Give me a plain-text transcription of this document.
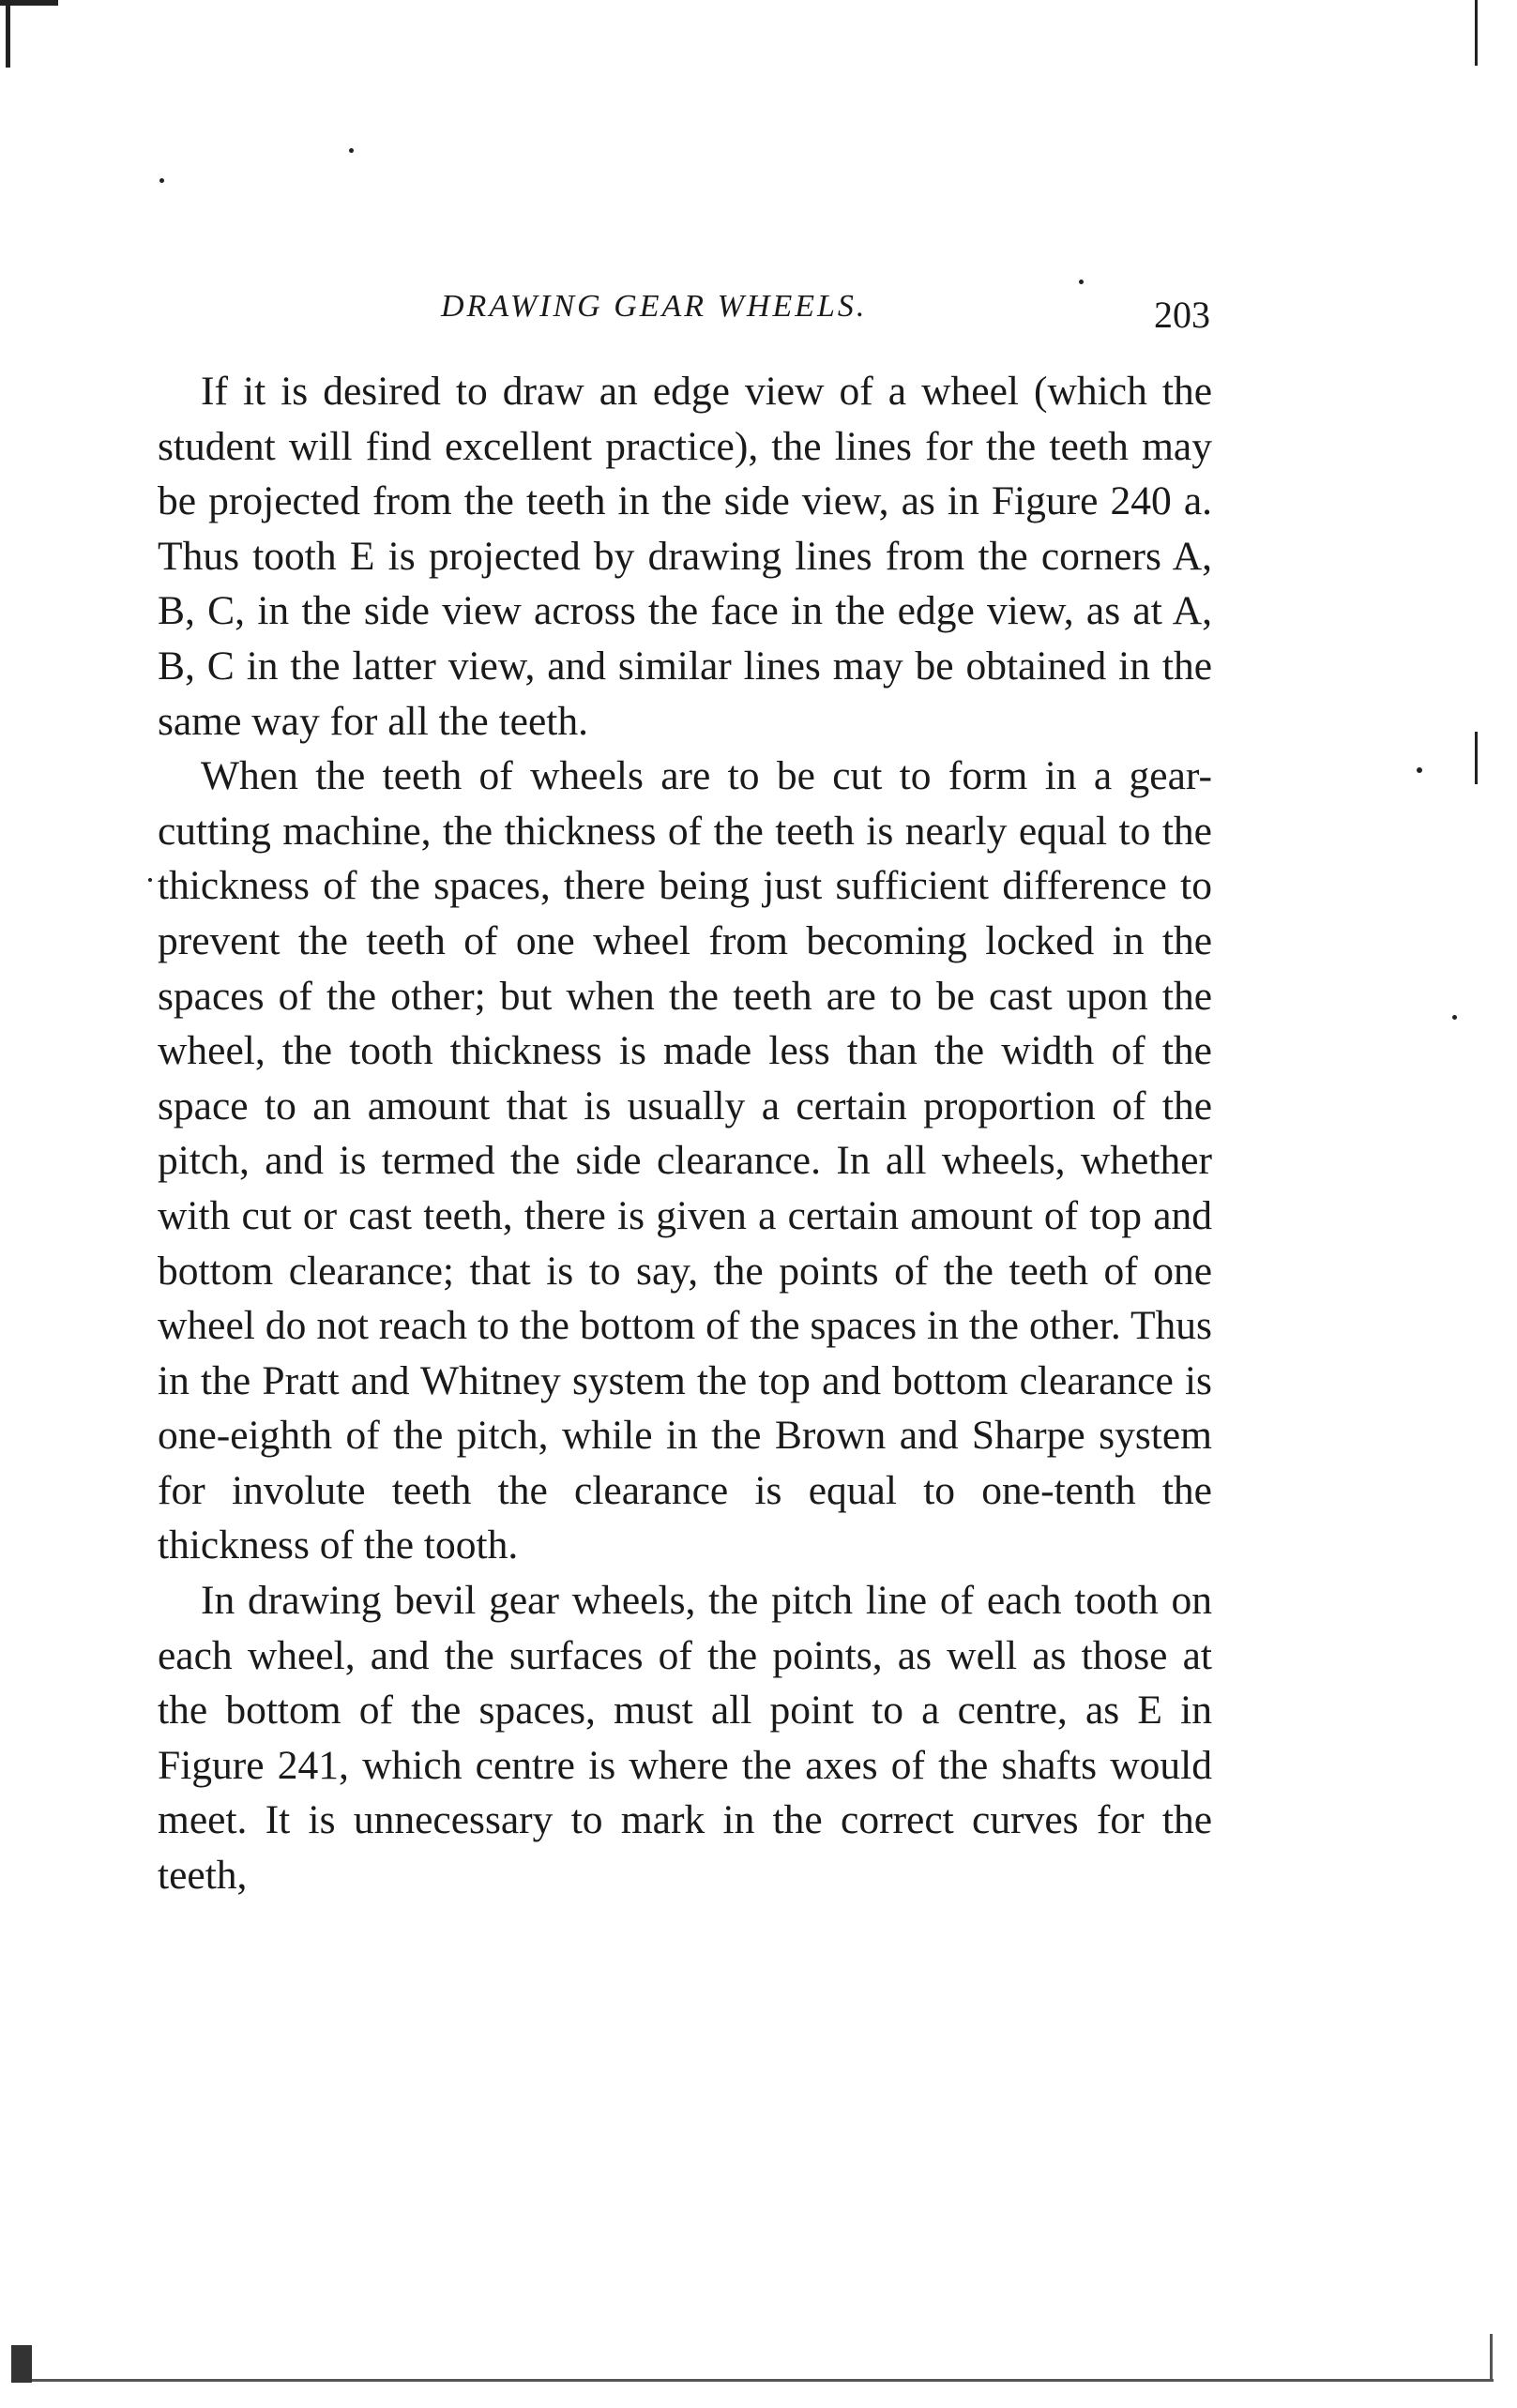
DRAWING GEAR WHEELS.	203

If it is desired to draw an edge view of a wheel (which the student will find excellent practice), the lines for the teeth may be projected from the teeth in the side view, as in Figure 240 a. Thus tooth E is projected by drawing lines from the corners A, B, C, in the side view across the face in the edge view, as at A, B, C in the latter view, and similar lines may be obtained in the same way for all the teeth.

When the teeth of wheels are to be cut to form in a gear-cutting machine, the thickness of the teeth is nearly equal to the thickness of the spaces, there being just sufficient difference to prevent the teeth of one wheel from becoming locked in the spaces of the other; but when the teeth are to be cast upon the wheel, the tooth thickness is made less than the width of the space to an amount that is usually a certain proportion of the pitch, and is termed the side clearance. In all wheels, whether with cut or cast teeth, there is given a certain amount of top and bottom clearance; that is to say, the points of the teeth of one wheel do not reach to the bottom of the spaces in the other. Thus in the Pratt and Whitney system the top and bottom clearance is one-eighth of the pitch, while in the Brown and Sharpe system for involute teeth the clearance is equal to one-tenth the thickness of the tooth.

In drawing bevil gear wheels, the pitch line of each tooth on each wheel, and the surfaces of the points, as well as those at the bottom of the spaces, must all point to a centre, as E in Figure 241, which centre is where the axes of the shafts would meet. It is unnecessary to mark in the correct curves for the teeth,
